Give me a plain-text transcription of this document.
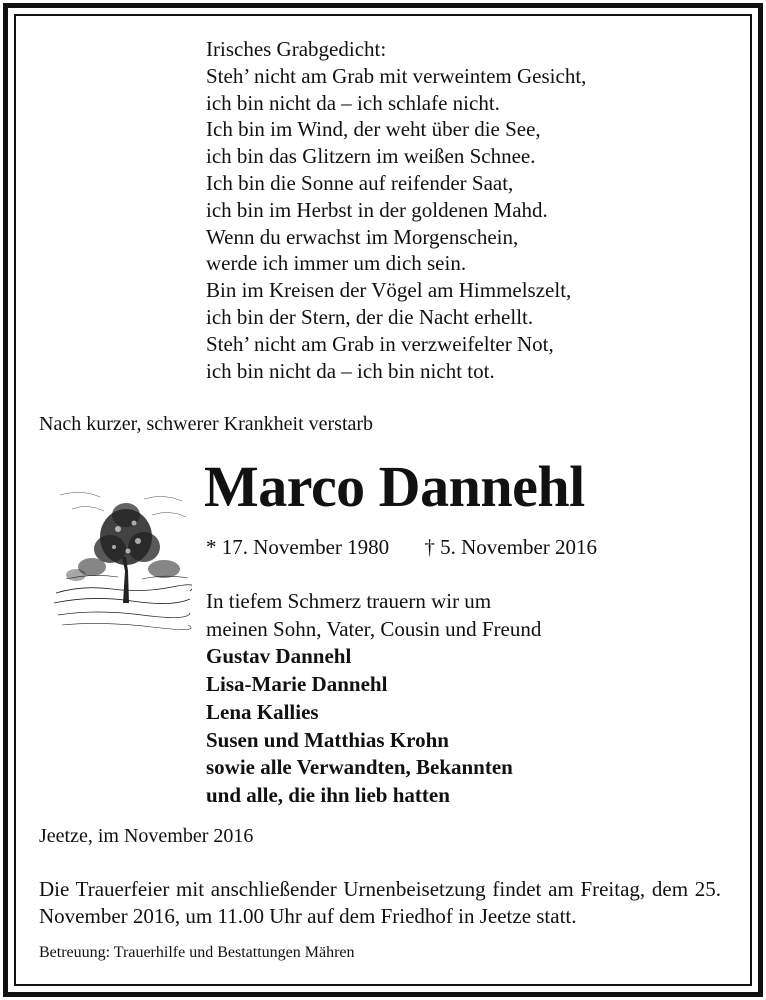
Irisches Grabgedicht:
Steh’ nicht am Grab mit verweintem Gesicht,
ich bin nicht da – ich schlafe nicht.
Ich bin im Wind, der weht über die See,
ich bin das Glitzern im weißen Schnee.
Ich bin die Sonne auf reifender Saat,
ich bin im Herbst in der goldenen Mahd.
Wenn du erwachst im Morgenschein,
werde ich immer um dich sein.
Bin im Kreisen der Vögel am Himmelszelt,
ich bin der Stern, der die Nacht erhellt.
Steh’ nicht am Grab in verzweifelter Not,
ich bin nicht da – ich bin nicht tot.
Nach kurzer, schwerer Krankheit verstarb
Marco Dannehl
* 17. November 1980 † 5. November 2016
In tiefem Schmerz trauern wir um
meinen Sohn, Vater, Cousin und Freund
Gustav Dannehl
Lisa-Marie Dannehl
Lena Kallies
Susen und Matthias Krohn
sowie alle Verwandten, Bekannten
und alle, die ihn lieb hatten
Jeetze, im November 2016
Die Trauerfeier mit anschließender Urnenbeisetzung findet am Freitag, dem 25. November 2016, um 11.00 Uhr auf dem Friedhof in Jeetze statt.
Betreuung: Trauerhilfe und Bestattungen Mähren
